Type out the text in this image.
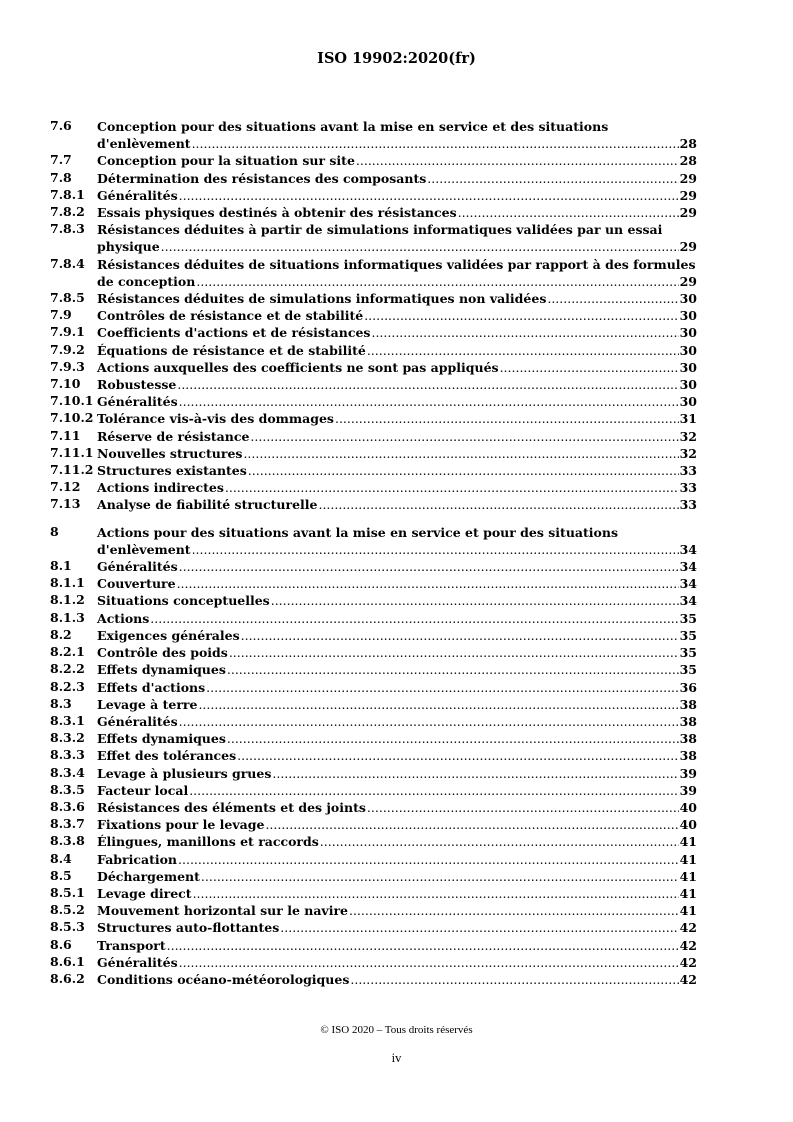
ISO 19902:2020(fr)
7.6 Conception pour des situations avant la mise en service et des situations
d'enlèvement .....	28
7.7 Conception pour la situation sur site .....	28
7.8 Détermination des résistances des composants .....	29
7.8.1 Généralités .....	29
7.8.2 Essais physiques destinés à obtenir des résistances .....	29
7.8.3 Résistances déduites à partir de simulations informatiques validées par un essai
physique .....	29
7.8.4 Résistances déduites de situations informatiques validées par rapport à des formules
de conception .....	29
7.8.5 Résistances déduites de simulations informatiques non validées .....	30
7.9 Contrôles de résistance et de stabilité .....	30
7.9.1 Coefficients d'actions et de résistances .....	30
7.9.2 Équations de résistance et de stabilité .....	30
7.9.3 Actions auxquelles des coefficients ne sont pas appliqués .....	30
7.10 Robustesse .....	30
7.10.1 Généralités .....	30
7.10.2 Tolérance vis-à-vis des dommages .....	31
7.11 Réserve de résistance .....	32
7.11.1 Nouvelles structures .....	32
7.11.2 Structures existantes .....	33
7.12 Actions indirectes .....	33
7.13 Analyse de fiabilité structurelle .....	33
8	Actions pour des situations avant la mise en service et pour des situations
d'enlèvement .....	34
8.1 Généralités .....	34
8.1.1 Couverture .....	34
8.1.2 Situations conceptuelles .....	34
8.1.3 Actions .....	35
8.2 Exigences générales .....	35
8.2.1 Contrôle des poids .....	35
8.2.2 Effets dynamiques .....	35
8.2.3 Effets d'actions .....	36
8.3 Levage à terre .....	38
8.3.1 Généralités .....	38
8.3.2 Effets dynamiques .....	38
8.3.3 Effet des tolérances .....	38
8.3.4 Levage à plusieurs grues .....	39
8.3.5 Facteur local .....	39
8.3.6 Résistances des éléments et des joints .....	40
8.3.7 Fixations pour le levage .....	40
8.3.8 Élingues, manillons et raccords .....	41
8.4 Fabrication .....	41
8.5 Déchargement .....	41
8.5.1 Levage direct .....	41
8.5.2 Mouvement horizontal sur le navire .....	41
8.5.3 Structures auto-flottantes .....	42
8.6 Transport .....	42
8.6.1 Généralités .....	42
8.6.2 Conditions océano-météorologiques .....	42
© ISO 2020 – Tous droits réservés
iv
